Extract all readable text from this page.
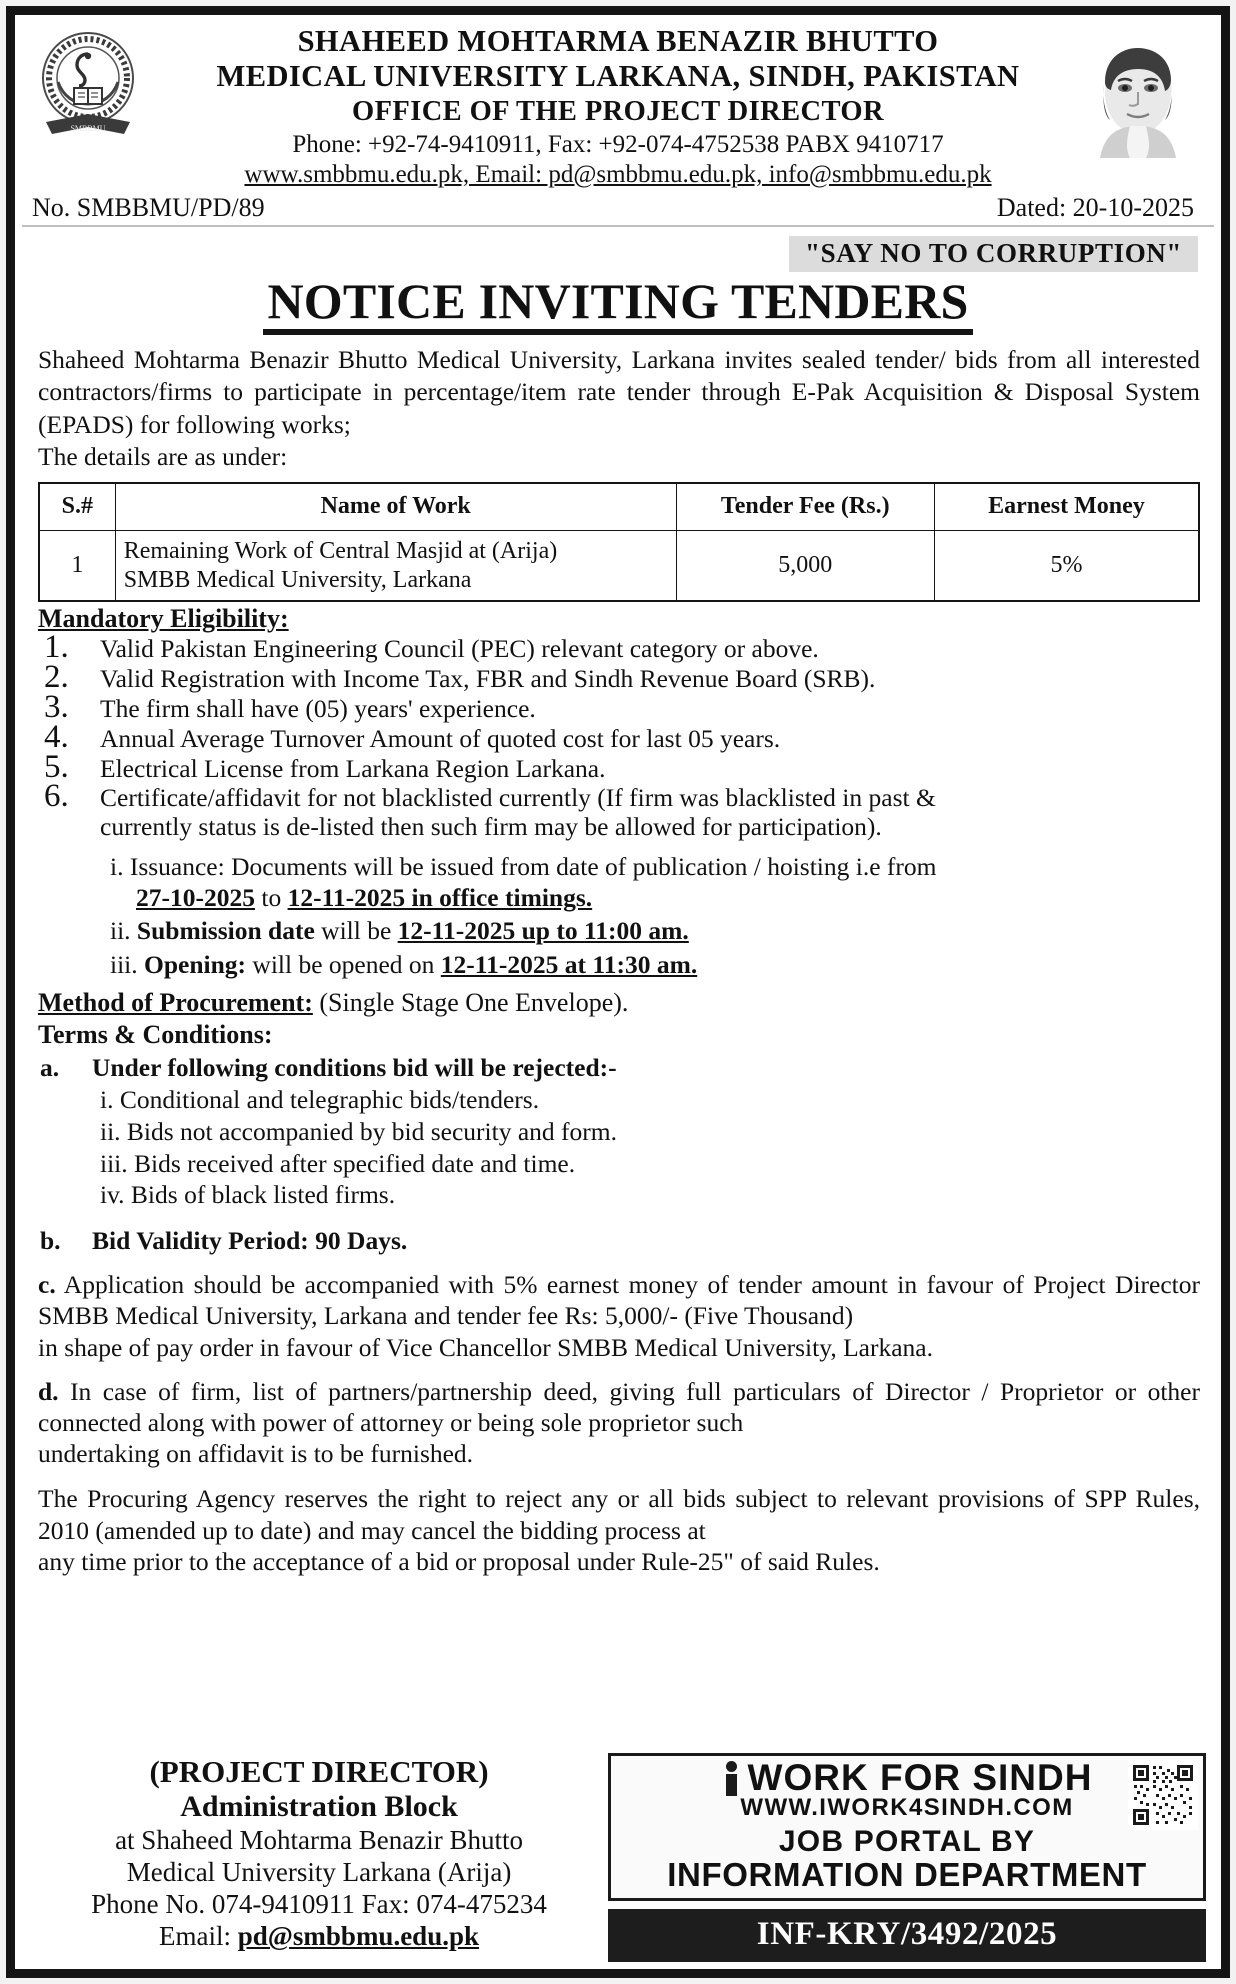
SMBBMU
SHAHEED MOHTARMA BENAZIR BHUTTO
MEDICAL UNIVERSITY LARKANA, SINDH, PAKISTAN
OFFICE OF THE PROJECT DIRECTOR
Phone: +92-74-9410911, Fax: +92-074-4752538 PABX 9410717
www.smbbmu.edu.pk, Email: pd@smbbmu.edu.pk, info@smbbmu.edu.pk
No. SMBBMU/PD/89	Dated: 20-10-2025
"SAY NO TO CORRUPTION"
NOTICE INVITING TENDERS

Shaheed Mohtarma Benazir Bhutto Medical University, Larkana invites sealed tender/ bids from all interested contractors/firms to participate in percentage/item rate tender through E-Pak Acquisition & Disposal System (EPADS) for following works;
The details are as under:

S.#	Name of Work	Tender Fee (Rs.)	Earnest Money
1	Remaining Work of Central Masjid at (Arija)
SMBB Medical University, Larkana	5,000	5%
Mandatory Eligibility:
1. Valid Pakistan Engineering Council (PEC) relevant category or above.
2. Valid Registration with Income Tax, FBR and Sindh Revenue Board (SRB).
3. The firm shall have (05) years' experience.
4. Annual Average Turnover Amount of quoted cost for last 05 years.
5. Electrical License from Larkana Region Larkana.
6. Certificate/affidavit for not blacklisted currently (If firm was blacklisted in past &
currently status is de-listed then such firm may be allowed for participation).
i. Issuance: Documents will be issued from date of publication / hoisting i.e from
27-10-2025 to 12-11-2025 in office timings.
ii. Submission date will be 12-11-2025 up to 11:00 am.
iii. Opening: will be opened on 12-11-2025 at 11:30 am.
Method of Procurement: (Single Stage One Envelope).
Terms & Conditions:
a. Under following conditions bid will be rejected:-
i. Conditional and telegraphic bids/tenders.
ii. Bids not accompanied by bid security and form.
iii. Bids received after specified date and time.
iv. Bids of black listed firms.
b. Bid Validity Period: 90 Days.

c. Application should be accompanied with 5% earnest money of tender amount in favour of Project Director SMBB Medical University, Larkana and tender fee Rs: 5,000/- (Five Thousand)
in shape of pay order in favour of Vice Chancellor SMBB Medical University, Larkana.

d. In case of firm, list of partners/partnership deed, giving full particulars of Director / Proprietor or other connected along with power of attorney or being sole proprietor such
undertaking on affidavit is to be furnished.

The Procuring Agency reserves the right to reject any or all bids subject to relevant provisions of SPP Rules, 2010 (amended up to date) and may cancel the bidding process at
any time prior to the acceptance of a bid or proposal under Rule-25" of said Rules.

(PROJECT DIRECTOR)
Administration Block
at Shaheed Mohtarma Benazir Bhutto
Medical University Larkana (Arija)
Phone No. 074-9410911 Fax: 074-475234
Email: pd@smbbmu.edu.pk
WORK FOR SINDH
WWW.IWORK4SINDH.COM
JOB PORTAL BY
INFORMATION DEPARTMENT
INF-KRY/3492/2025
